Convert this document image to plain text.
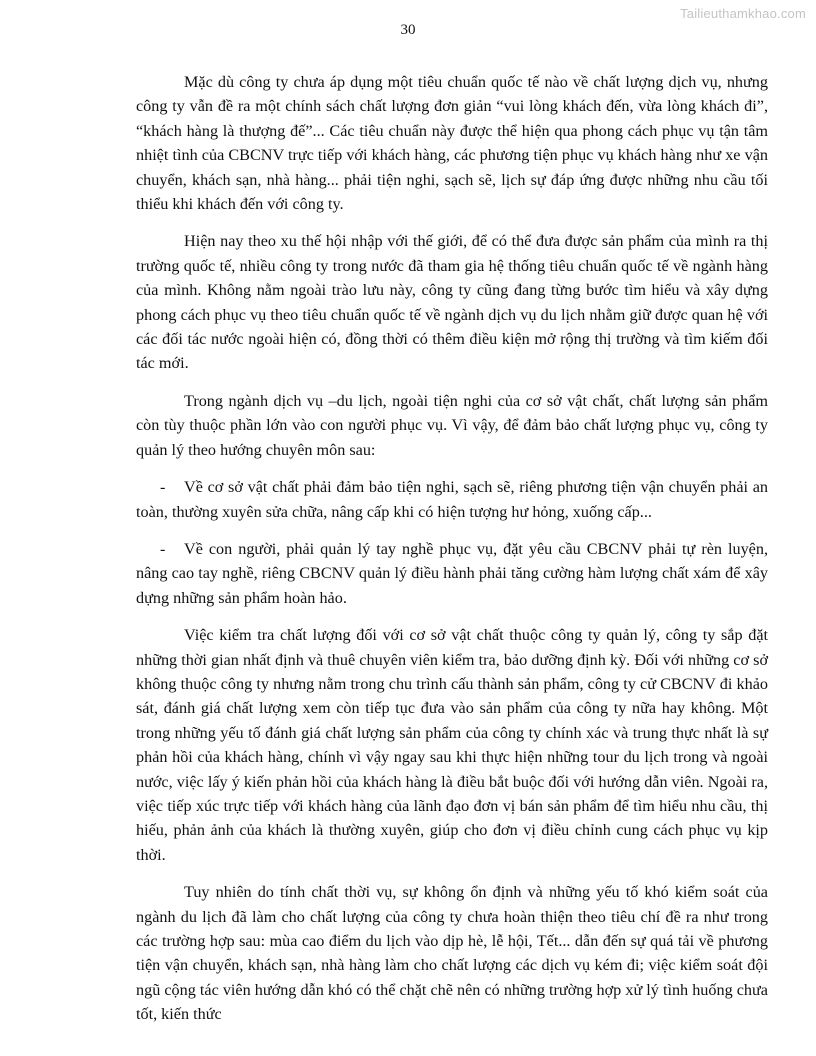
Tailieuthamkhao.com
30

Mặc dù công ty chưa áp dụng một tiêu chuẩn quốc tế nào về chất lượng dịch vụ, nhưng công ty vẫn đề ra một chính sách chất lượng đơn giản “vui lòng khách đến, vừa lòng khách đi”, “khách hàng là thượng đế”... Các tiêu chuẩn này được thể hiện qua phong cách phục vụ tận tâm nhiệt tình của CBCNV trực tiếp với khách hàng, các phương tiện phục vụ khách hàng như xe vận chuyển, khách sạn, nhà hàng... phải tiện nghi, sạch sẽ, lịch sự đáp ứng được những nhu cầu tối thiểu khi khách đến với công ty.

Hiện nay theo xu thế hội nhập với thế giới, để có thể đưa được sản phẩm của mình ra thị trường quốc tế, nhiều công ty trong nước đã tham gia hệ thống tiêu chuẩn quốc tế về ngành hàng của mình. Không nằm ngoài trào lưu này, công ty cũng đang từng bước tìm hiểu và xây dựng phong cách phục vụ theo tiêu chuẩn quốc tế về ngành dịch vụ du lịch nhằm giữ được quan hệ với các đối tác nước ngoài hiện có, đồng thời có thêm điều kiện mở rộng thị trường và tìm kiếm đối tác mới.

Trong ngành dịch vụ –du lịch, ngoài tiện nghi của cơ sở vật chất, chất lượng sản phẩm còn tùy thuộc phần lớn vào con người phục vụ. Vì vậy, để đảm bảo chất lượng phục vụ, công ty quản lý theo hướng chuyên môn sau:

- Về cơ sở vật chất phải đảm bảo tiện nghi, sạch sẽ, riêng phương tiện vận chuyển phải an toàn, thường xuyên sửa chữa, nâng cấp khi có hiện tượng hư hỏng, xuống cấp...

- Về con người, phải quản lý tay nghề phục vụ, đặt yêu cầu CBCNV phải tự rèn luyện, nâng cao tay nghề, riêng CBCNV quản lý điều hành phải tăng cường hàm lượng chất xám để xây dựng những sản phẩm hoàn hảo.

Việc kiểm tra chất lượng đối với cơ sở vật chất thuộc công ty quản lý, công ty sắp đặt những thời gian nhất định và thuê chuyên viên kiểm tra, bảo dưỡng định kỳ. Đối với những cơ sở không thuộc công ty nhưng nằm trong chu trình cấu thành sản phẩm, công ty cử CBCNV đi khảo sát, đánh giá chất lượng xem còn tiếp tục đưa vào sản phẩm của công ty nữa hay không. Một trong những yếu tố đánh giá chất lượng sản phẩm của công ty chính xác và trung thực nhất là sự phản hồi của khách hàng, chính vì vậy ngay sau khi thực hiện những tour du lịch trong và ngoài nước, việc lấy ý kiến phản hồi của khách hàng là điều bắt buộc đối với hướng dẫn viên. Ngoài ra, việc tiếp xúc trực tiếp với khách hàng của lãnh đạo đơn vị bán sản phẩm để tìm hiểu nhu cầu, thị hiếu, phản ảnh của khách là thường xuyên, giúp cho đơn vị điều chỉnh cung cách phục vụ kịp thời.

Tuy nhiên do tính chất thời vụ, sự không ổn định và những yếu tố khó kiểm soát của ngành du lịch đã làm cho chất lượng của công ty chưa hoàn thiện theo tiêu chí đề ra như trong các trường hợp sau: mùa cao điểm du lịch vào dịp hè, lễ hội, Tết... dẫn đến sự quá tải về phương tiện vận chuyển, khách sạn, nhà hàng làm cho chất lượng các dịch vụ kém đi; việc kiểm soát đội ngũ cộng tác viên hướng dẫn khó có thể chặt chẽ nên có những trường hợp xử lý tình huống chưa tốt, kiến thức
